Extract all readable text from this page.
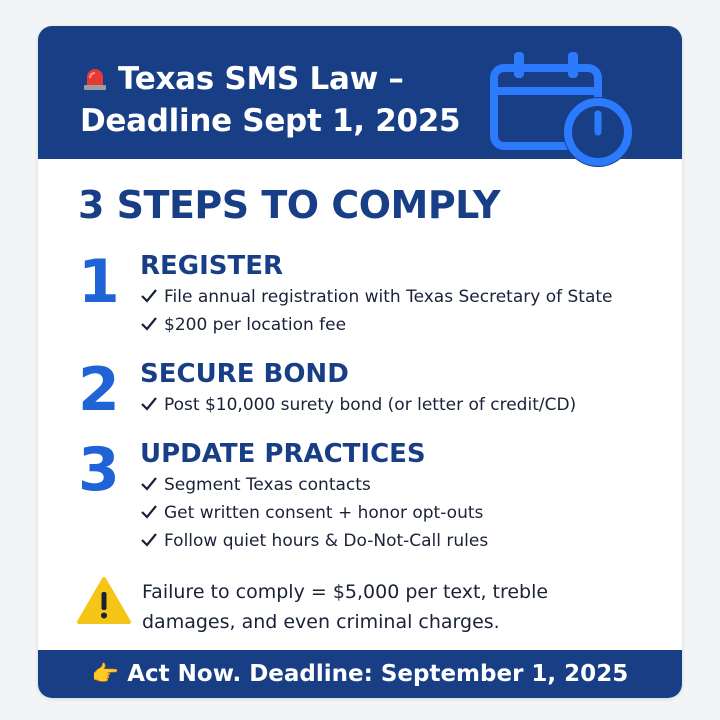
Texas SMS Law –
Deadline Sept 1, 2025
3 STEPS TO COMPLY
1 REGISTER
File annual registration with Texas Secretary of State
$200 per location fee
2 SECURE BOND
Post $10,000 surety bond (or letter of credit/CD)
3 UPDATE PRACTICES
Segment Texas contacts
Get written consent + honor opt-outs
Follow quiet hours & Do-Not-Call rules
Failure to comply = $5,000 per text, treble
damages, and even criminal charges.
👉 Act Now. Deadline: September 1, 2025
